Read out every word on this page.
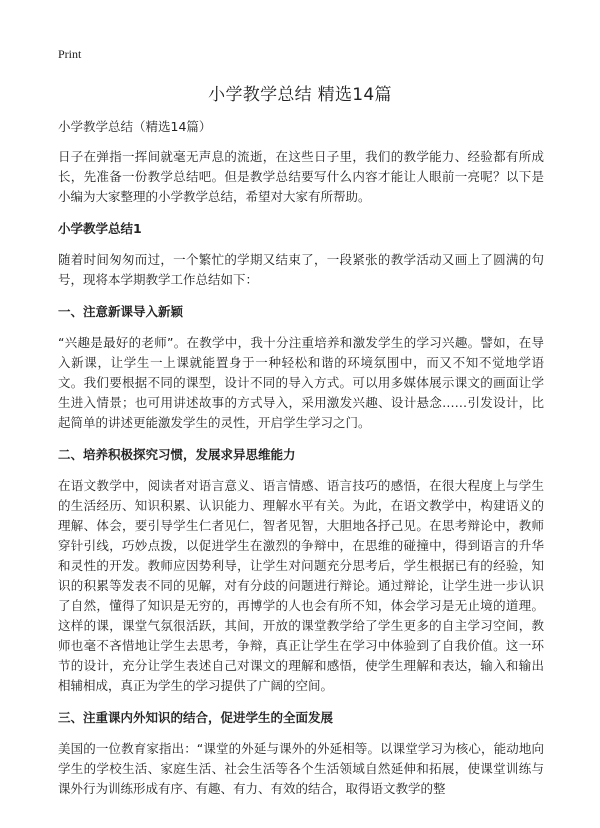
Print
小学教学总结 精选14篇
小学教学总结（精选14篇）

日子在弹指一挥间就毫无声息的流逝，在这些日子里，我们的教学能力、经验都有所成长，先准备一份教学总结吧。但是教学总结要写什么内容才能让人眼前一亮呢？以下是小编为大家整理的小学教学总结，希望对大家有所帮助。

小学教学总结1

随着时间匆匆而过，一个繁忙的学期又结束了，一段紧张的教学活动又画上了圆满的句号，现将本学期教学工作总结如下：

一、注意新课导入新颖

“兴趣是最好的老师”。在教学中，我十分注重培养和激发学生的学习兴趣。譬如，在导入新课，让学生一上课就能置身于一种轻松和谐的环境氛围中，而又不知不觉地学语文。我们要根据不同的课型，设计不同的导入方式。可以用多媒体展示课文的画面让学生进入情景；也可用讲述故事的方式导入，采用激发兴趣、设计悬念……引发设计，比起简单的讲述更能激发学生的灵性，开启学生学习之门。

二、培养积极探究习惯，发展求异思维能力

在语文教学中，阅读者对语言意义、语言情感、语言技巧的感悟，在很大程度上与学生的生活经历、知识积累、认识能力、理解水平有关。为此，在语文教学中，构建语义的理解、体会，要引导学生仁者见仁，智者见智，大胆地各抒己见。在思考辩论中，教师穿针引线，巧妙点拨，以促进学生在激烈的争辩中，在思维的碰撞中，得到语言的升华和灵性的开发。教师应因势利导，让学生对问题充分思考后，学生根据已有的经验，知识的积累等发表不同的见解，对有分歧的问题进行辩论。通过辩论，让学生进一步认识了自然，懂得了知识是无穷的，再博学的人也会有所不知，体会学习是无止境的道理。这样的课，课堂气氛很活跃，其间，开放的课堂教学给了学生更多的自主学习空间，教师也毫不吝惜地让学生去思考，争辩，真正让学生在学习中体验到了自我价值。这一环节的设计，充分让学生表述自己对课文的理解和感悟，使学生理解和表达，输入和输出相辅相成，真正为学生的学习提供了广阔的空间。

三、注重课内外知识的结合，促进学生的全面发展

美国的一位教育家指出：“课堂的外延与课外的外延相等。以课堂学习为核心，能动地向学生的学校生活、家庭生活、社会生活等各个生活领域自然延伸和拓展，使课堂训练与课外行为训练形成有序、有趣、有力、有效的结合，取得语文教学的整
